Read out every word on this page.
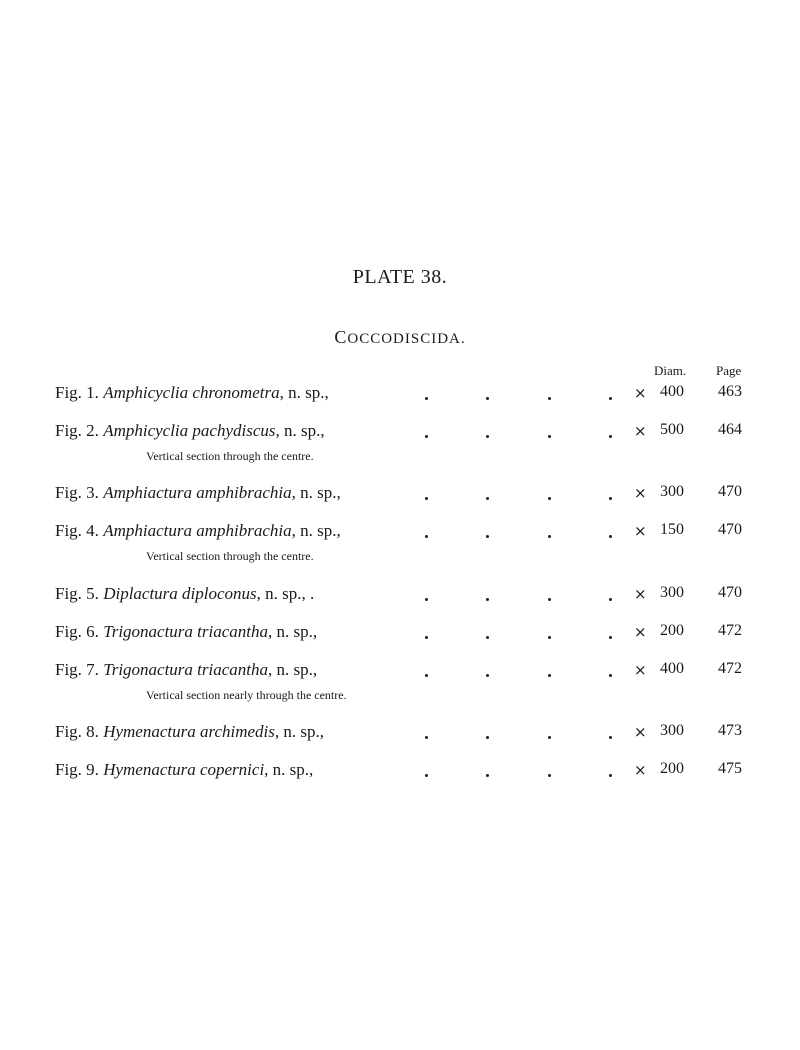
PLATE 38.
COCCODISCIDA.
Diam. Page
Fig. 1. Amphicyclia chronometra, n. sp.,	× 400 463
Fig. 2. Amphicyclia pachydiscus, n. sp.,	× 500 464
Vertical section through the centre.
Fig. 3. Amphiactura amphibrachia, n. sp.,	× 300 470
Fig. 4. Amphiactura amphibrachia, n. sp.,	× 150 470
Vertical section through the centre.
Fig. 5. Diplactura diploconus, n. sp., .	× 300 470
Fig. 6. Trigonactura triacantha, n. sp.,	× 200 472
Fig. 7. Trigonactura triacantha, n. sp.,	× 400 472
Vertical section nearly through the centre.
Fig. 8. Hymenactura archimedis, n. sp.,	× 300 473
Fig. 9. Hymenactura copernici, n. sp.,	× 200 475
